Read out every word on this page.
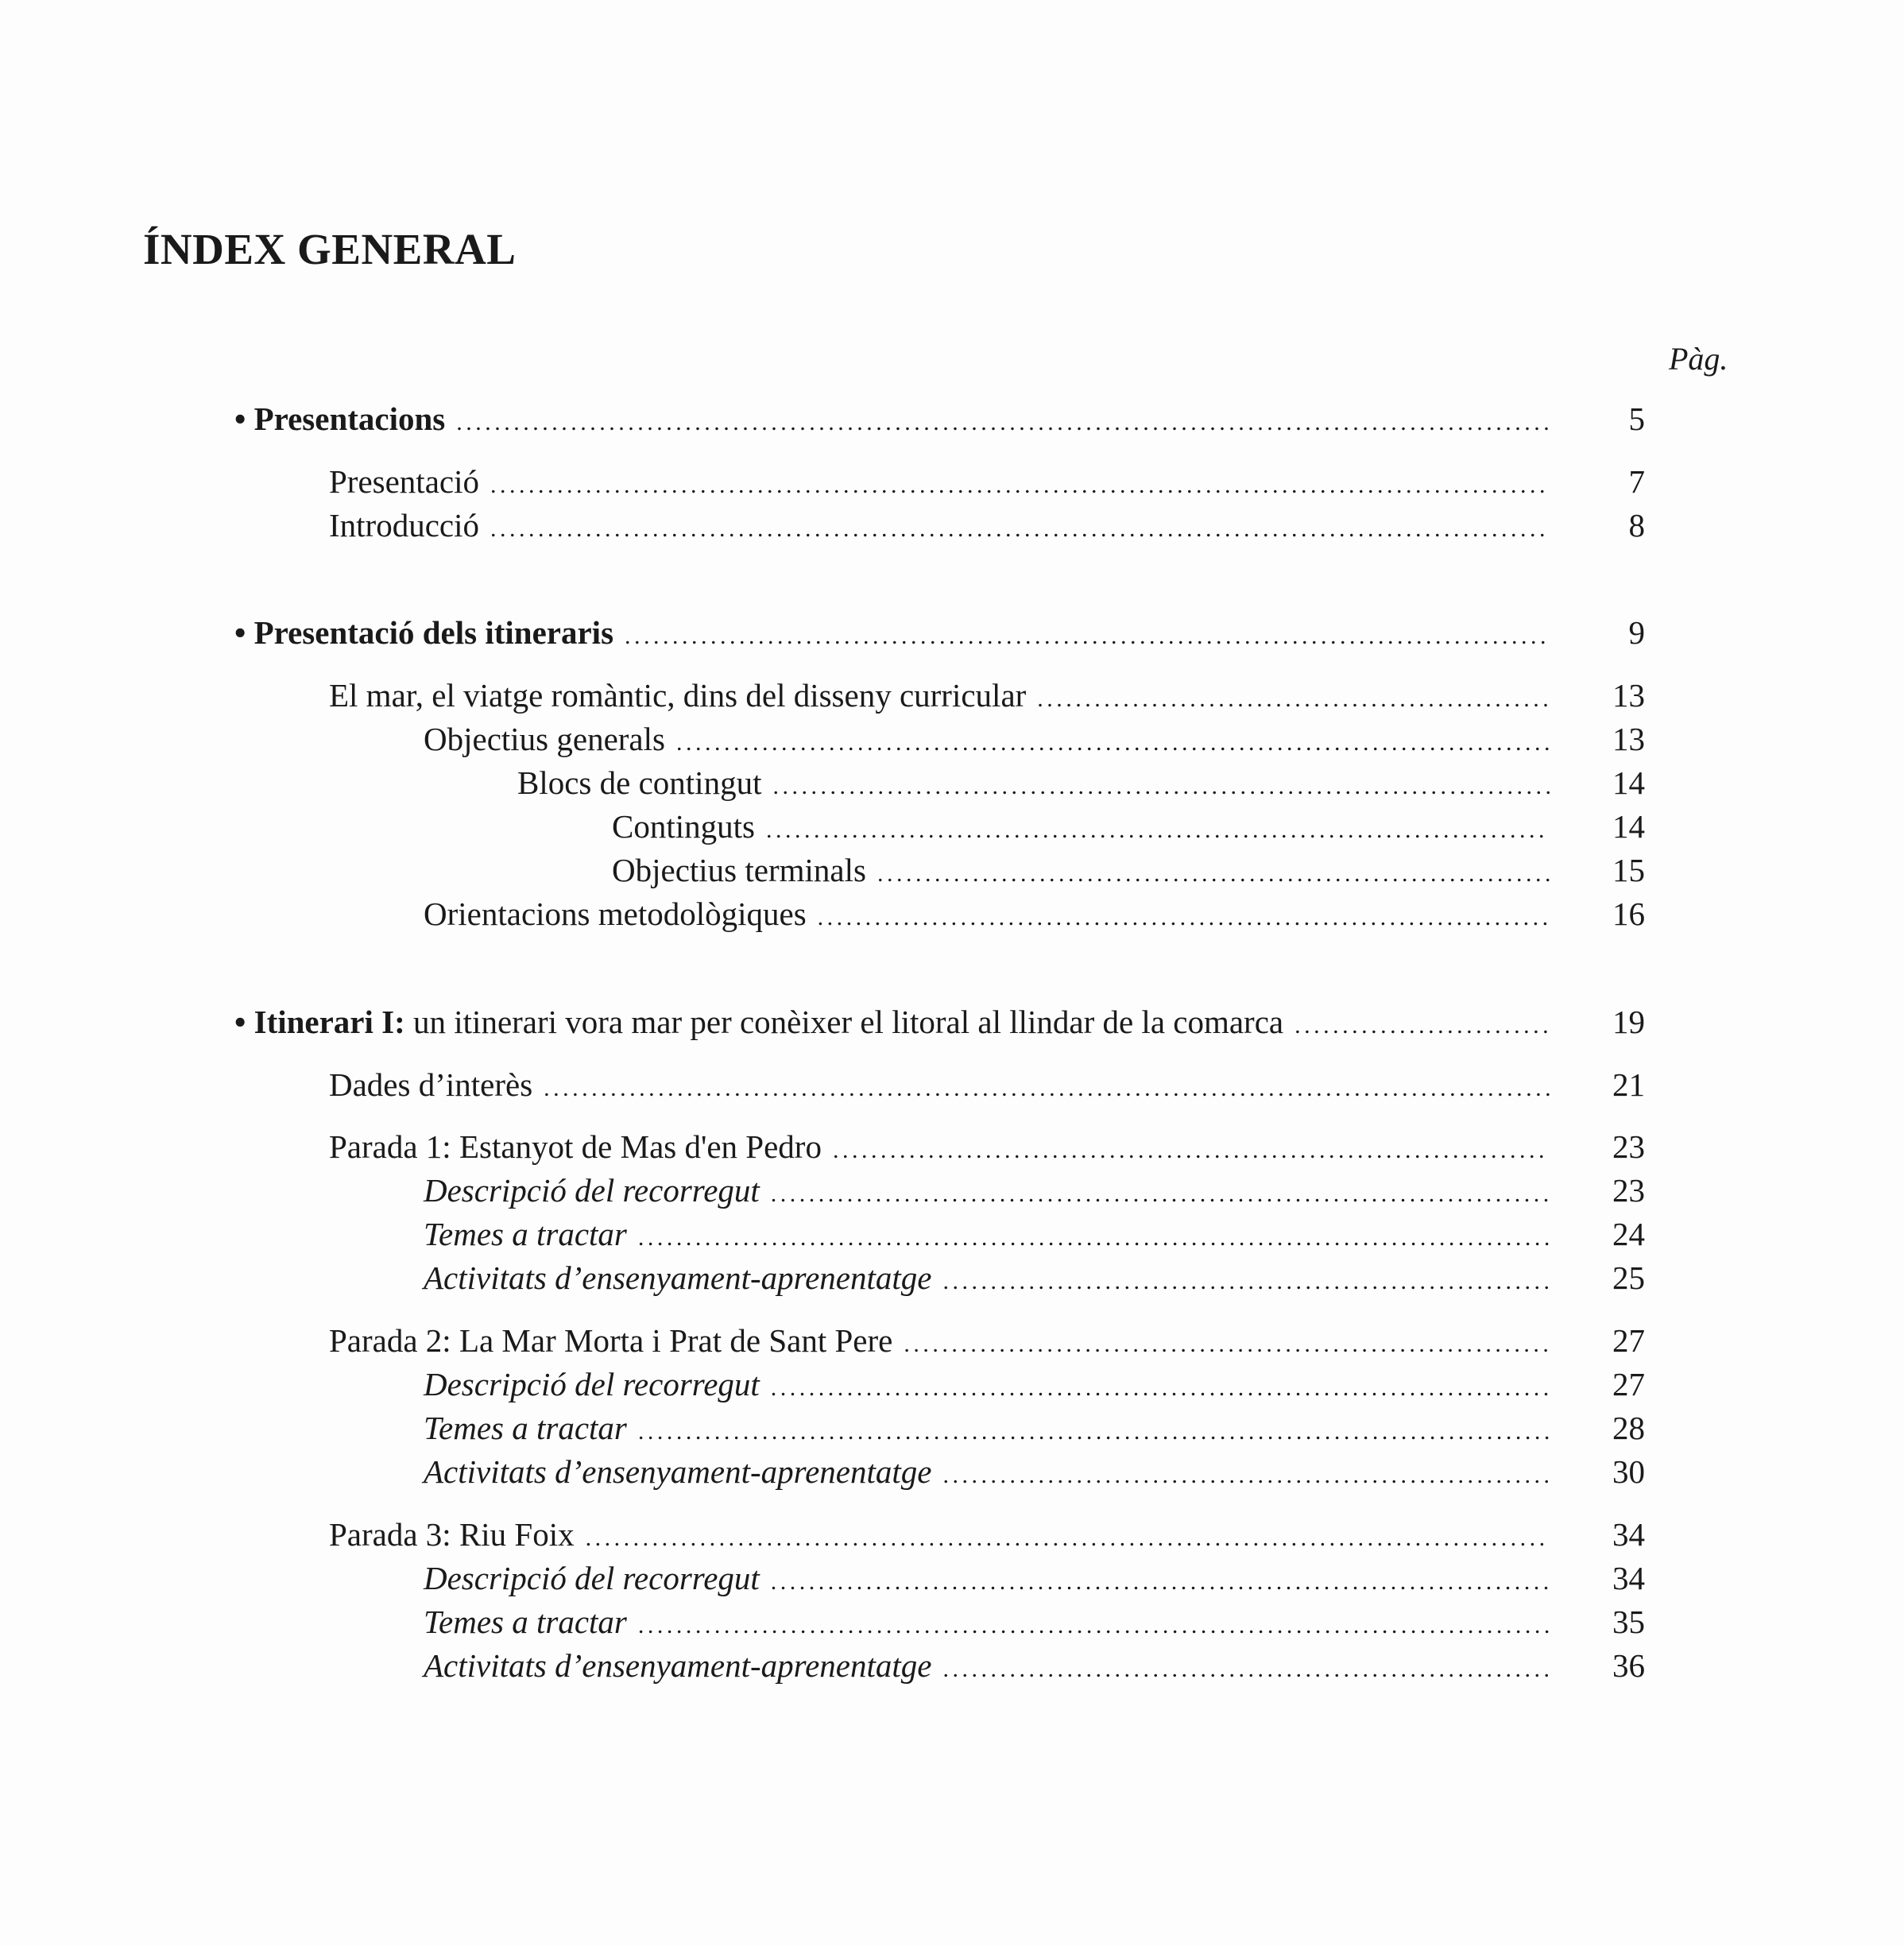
ÍNDEX GENERAL
Pàg.
• Presentacions . . .	5
Presentació . . .	7
Introducció . . .	8
• Presentació dels itineraris . . .	9
El mar, el viatge romàntic, dins del disseny curricular . . .	13
Objectius generals . . .	13
Blocs de contingut . . .	14
Continguts . . .	14
Objectius terminals . . .	15
Orientacions metodològiques . . .	16
• Itinerari I: un itinerari vora mar per conèixer el litoral al llindar de la comarca . . .	19
Dades d’interès . . .	21
Parada 1: Estanyot de Mas d'en Pedro . . .	23
Descripció del recorregut . . .	23
Temes a tractar . . .	24
Activitats d’ensenyament-aprenentatge . . .	25
Parada 2: La Mar Morta i Prat de Sant Pere . . .	27
Descripció del recorregut . . .	27
Temes a tractar . . .	28
Activitats d’ensenyament-aprenentatge . . .	30
Parada 3: Riu Foix . . .	34
Descripció del recorregut . . .	34
Temes a tractar . . .	35
Activitats d’ensenyament-aprenentatge . . .	36
